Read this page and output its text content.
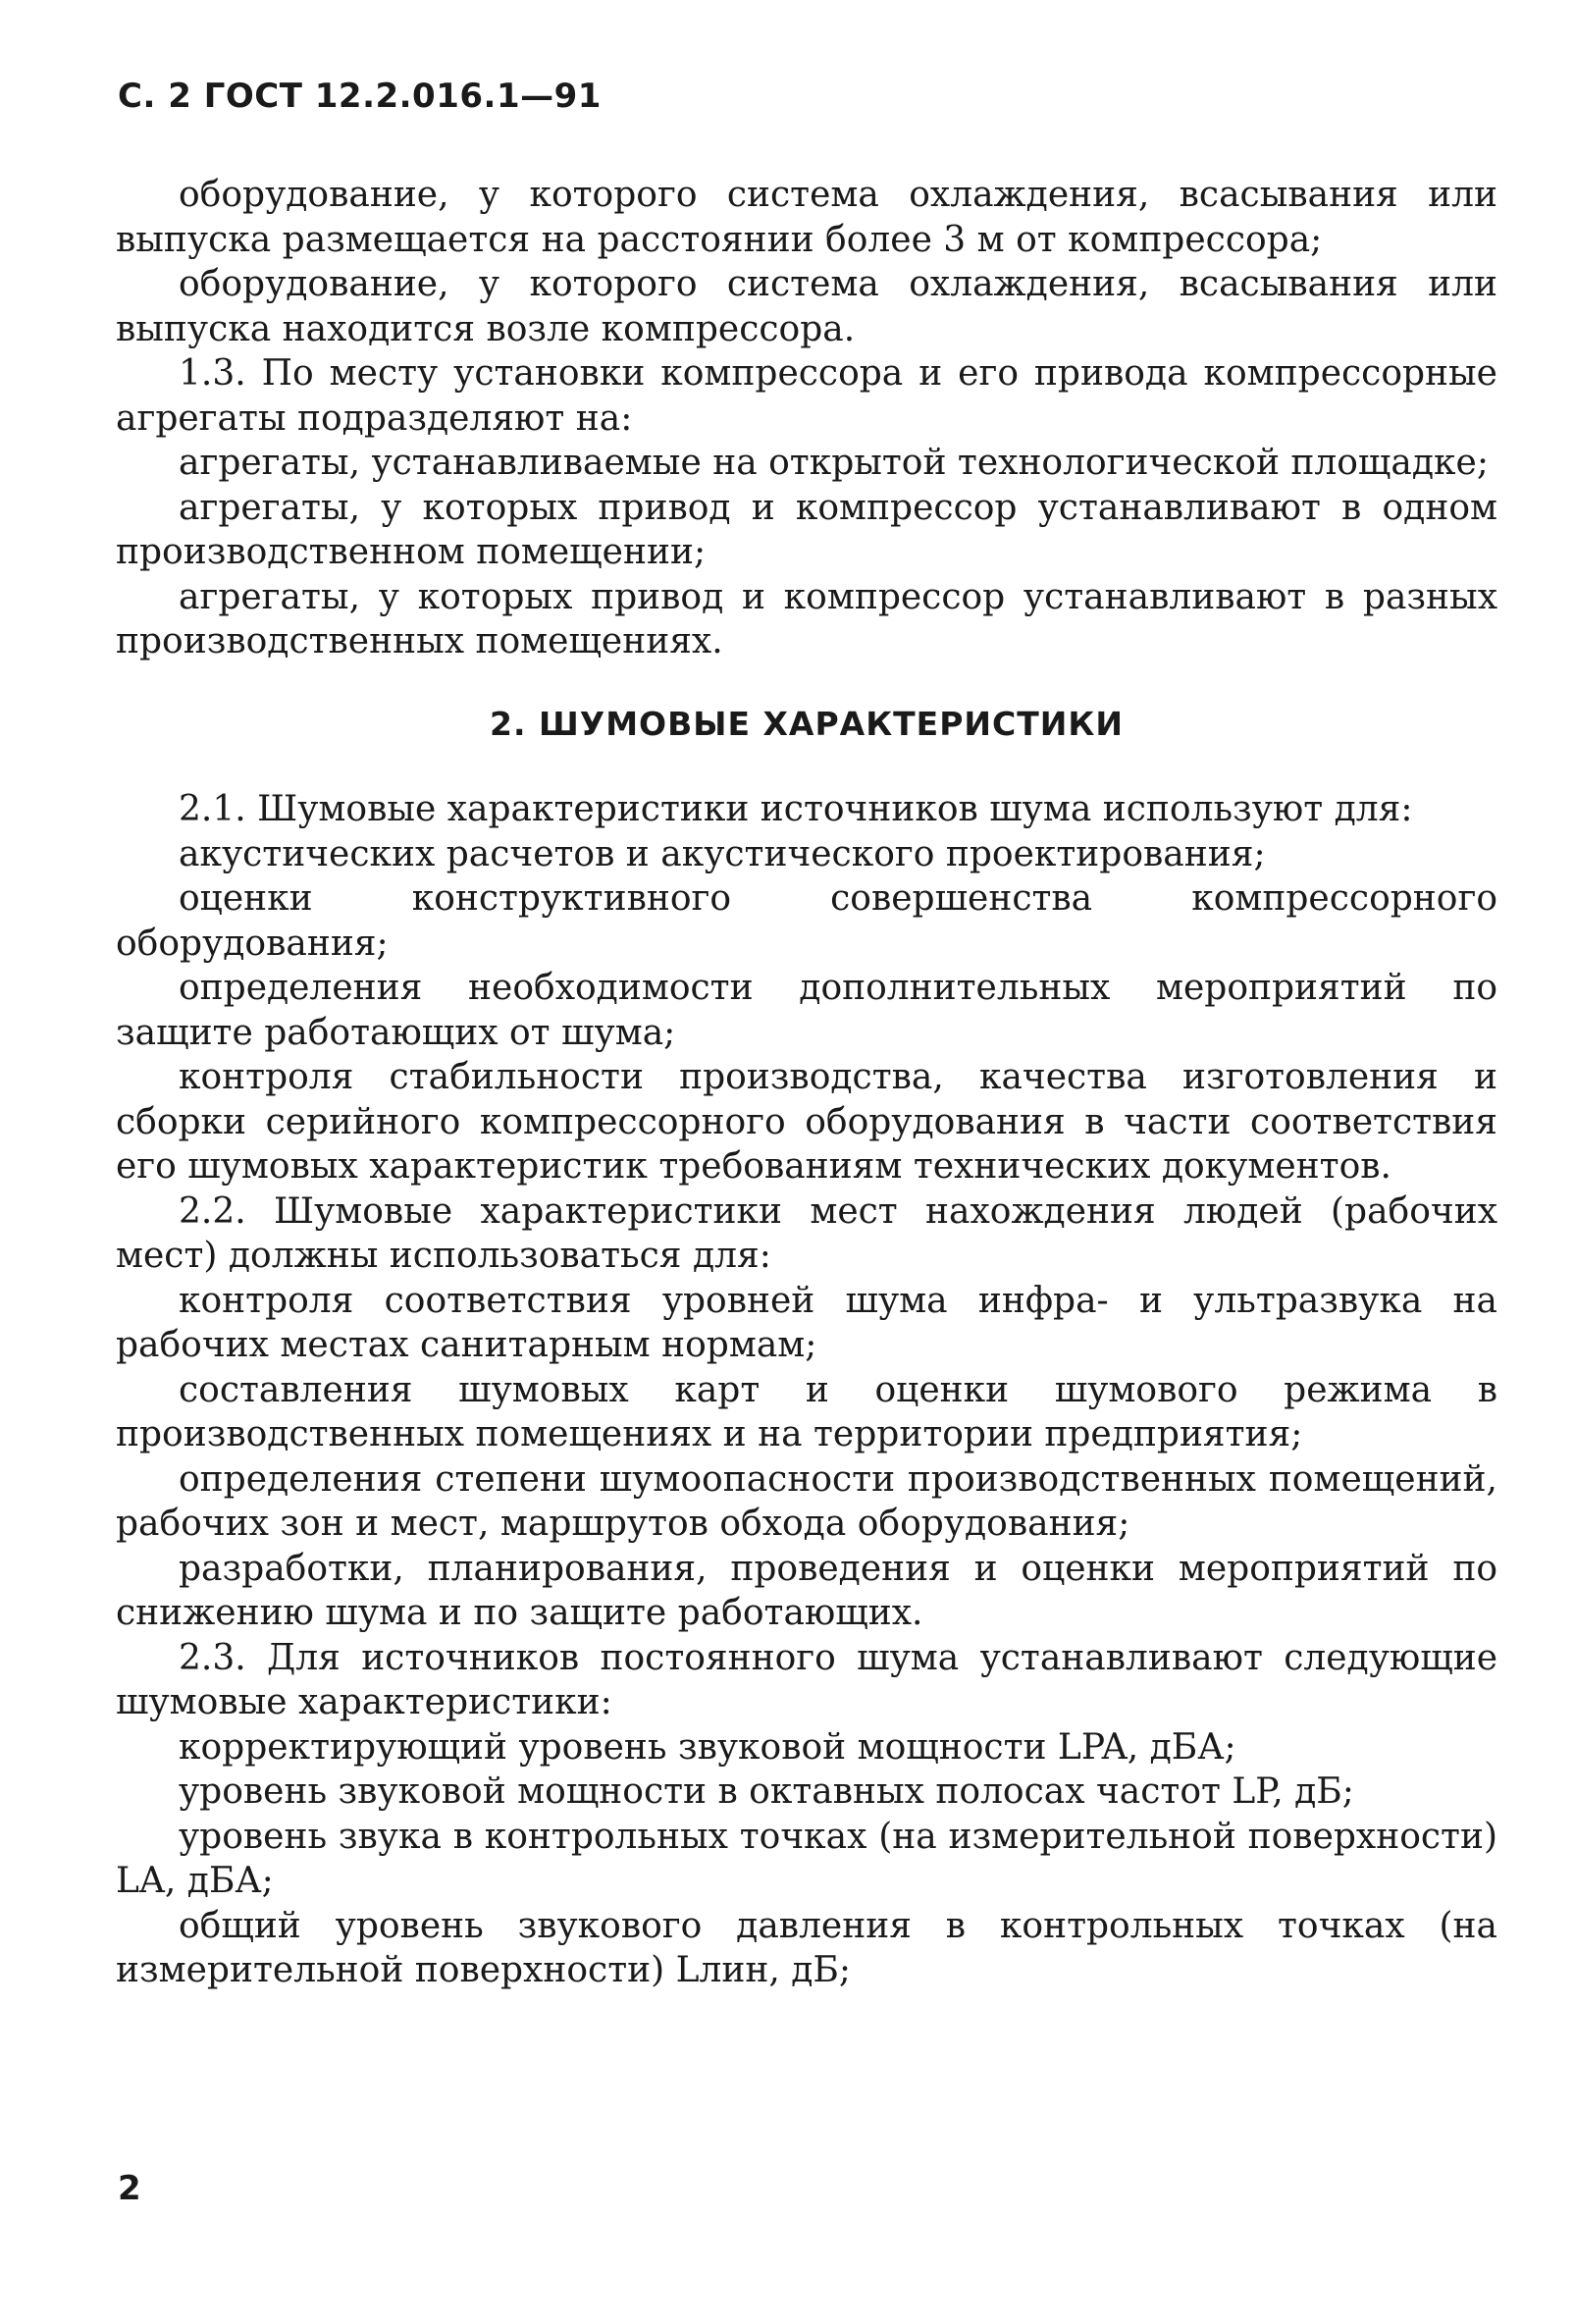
С. 2 ГОСТ 12.2.016.1—91

оборудование, у которого система охлаждения, всасывания или выпуска размещается на расстоянии более 3 м от компрессора;

оборудование, у которого система охлаждения, всасывания или выпуска находится возле компрессора.

1.3. По месту установки компрессора и его привода компрессорные агрегаты подразделяют на:

агрегаты, устанавливаемые на открытой технологической площадке;

агрегаты, у которых привод и компрессор устанавливают в одном производственном помещении;

агрегаты, у которых привод и компрессор устанавливают в разных производственных помещениях.

2. ШУМОВЫЕ ХАРАКТЕРИСТИКИ

2.1. Шумовые характеристики источников шума используют для:

акустических расчетов и акустического проектирования;

оценки конструктивного совершенства компрессорного оборудования;

определения необходимости дополнительных мероприятий по защите работающих от шума;

контроля стабильности производства, качества изготовления и сборки серийного компрессорного оборудования в части соответствия его шумовых характеристик требованиям технических документов.

2.2. Шумовые характеристики мест нахождения людей (рабочих мест) должны использоваться для:

контроля соответствия уровней шума инфра- и ультразвука на рабочих местах санитарным нормам;

составления шумовых карт и оценки шумового режима в производственных помещениях и на территории предприятия;

определения степени шумоопасности производственных помещений, рабочих зон и мест, маршрутов обхода оборудования;

разработки, планирования, проведения и оценки мероприятий по снижению шума и по защите работающих.

2.3. Для источников постоянного шума устанавливают следующие шумовые характеристики:

корректирующий уровень звуковой мощности LPA, дБА;

уровень звуковой мощности в октавных полосах частот LP, дБ;

уровень звука в контрольных точках (на измерительной поверхности) LA, дБА;

общий уровень звукового давления в контрольных точках (на измерительной поверхности) Lлин, дБ;

2
